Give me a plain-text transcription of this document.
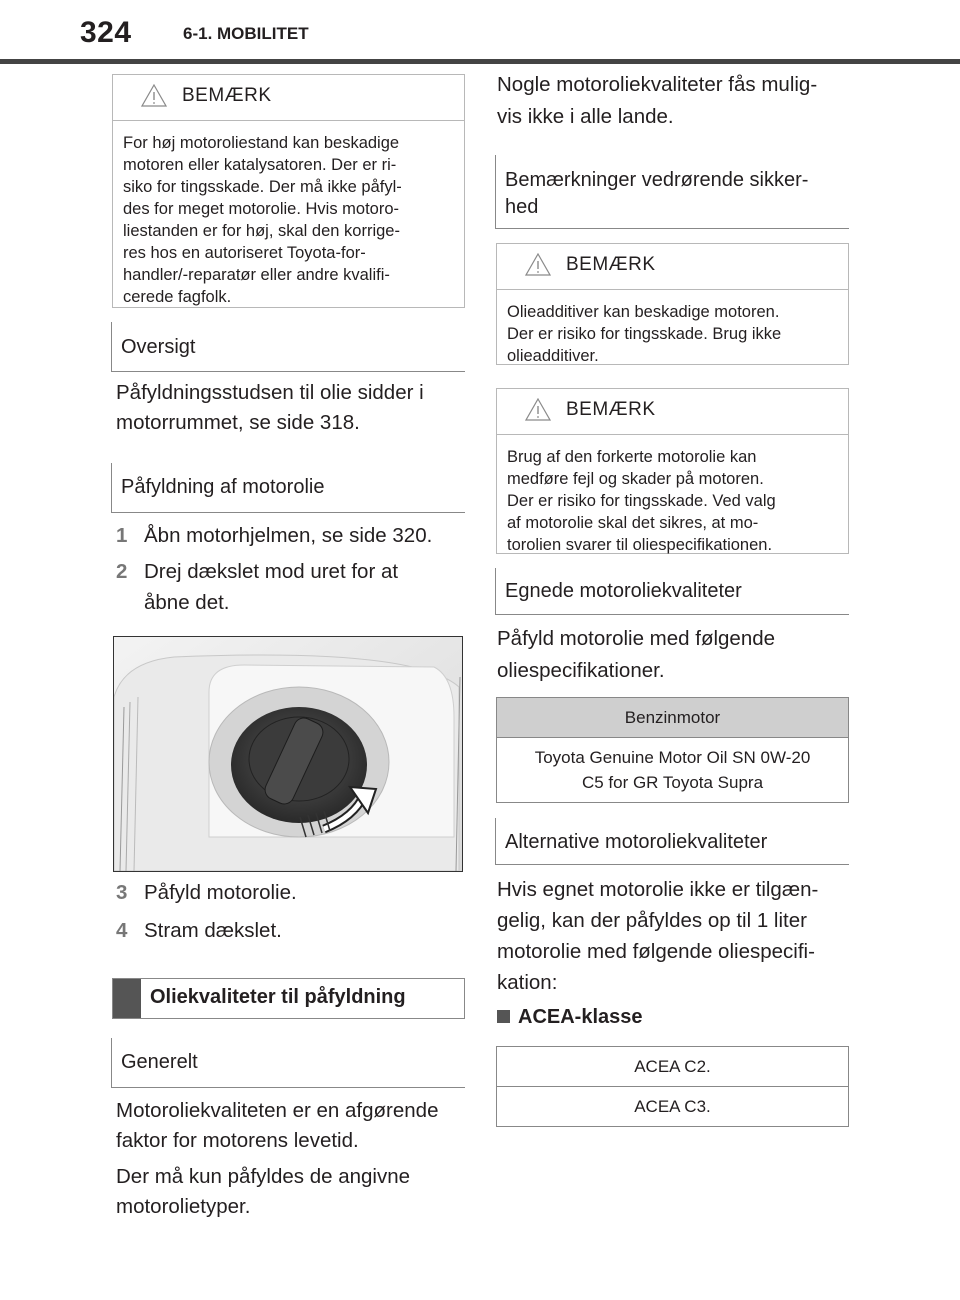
324	6-1. MOBILITET
BEMÆRK
For høj motoroliestand kan beskadige
motoren eller katalysatoren. Der er ri-
siko for tingsskade. Der må ikke påfyl-
des for meget motorolie. Hvis motoro-
liestanden er for høj, skal den korrige-
res hos en autoriseret Toyota-for-
handler/-reparatør eller andre kvalifi-
cerede fagfolk.
Oversigt
Påfyldningsstudsen til olie sidder i
motorrummet, se side 318.
Påfyldning af motorolie
1 Åbn motorhjelmen, se side 320.
2 Drej dækslet mod uret for at
åbne det.
3 Påfyld motorolie.
4 Stram dækslet.
Oliekvaliteter til påfyldning
Generelt
Motoroliekvaliteten er en afgørende
faktor for motorens levetid.
Der må kun påfyldes de angivne
motorolietyper.
Nogle motoroliekvaliteter fås mulig-
vis ikke i alle lande.
Bemærkninger vedrørende sikker-
hed
BEMÆRK
Olieadditiver kan beskadige motoren.
Der er risiko for tingsskade. Brug ikke
olieadditiver.
BEMÆRK
Brug af den forkerte motorolie kan
medføre fejl og skader på motoren.
Der er risiko for tingsskade. Ved valg
af motorolie skal det sikres, at mo-
torolien svarer til oliespecifikationen.
Egnede motoroliekvaliteter
Påfyld motorolie med følgende
oliespecifikationer.
Benzinmotor

Toyota Genuine Motor Oil SN 0W-20
C5 for GR Toyota Supra
Alternative motoroliekvaliteter
Hvis egnet motorolie ikke er tilgæn-
gelig, kan der påfyldes op til 1 liter
motorolie med følgende oliespecifi-
kation:
ACEA-klasse
ACEA C2.
ACEA C3.
